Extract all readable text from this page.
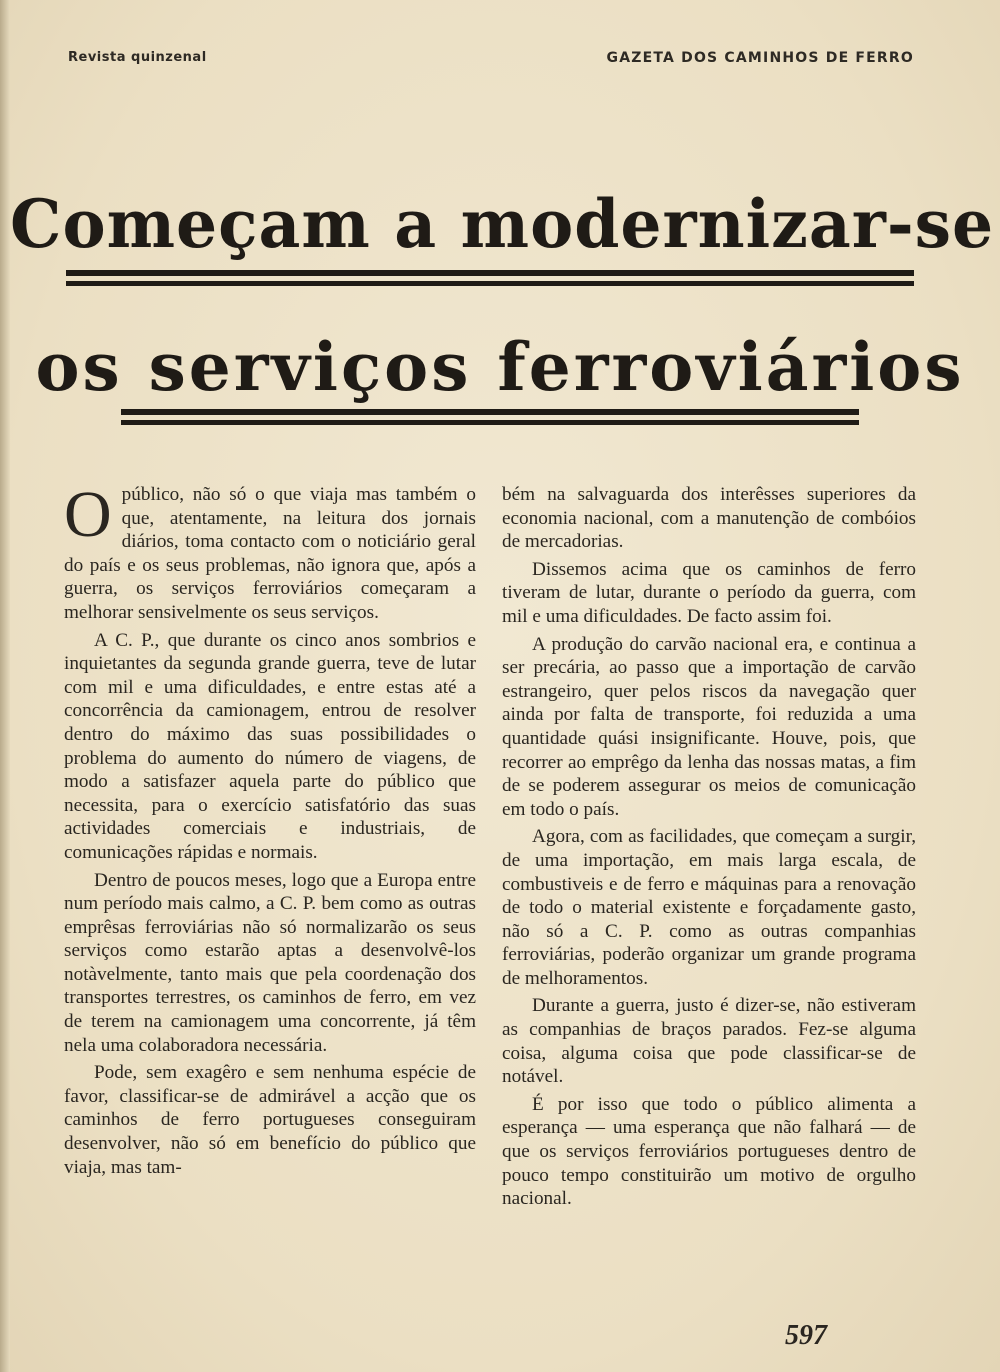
Revista quinzenal	GAZETA DOS CAMINHOS DE FERRO
Começam a modernizar-se
os serviços ferroviários

Opúblico, não só o que viaja mas também o que, atentamente, na leitura dos jornais diários, toma contacto com o noticiário geral do país e os seus problemas, não ignora que, após a guerra, os serviços ferroviários começaram a melhorar sensivelmente os seus serviços.

A C. P., que durante os cinco anos sombrios e inquietantes da segunda grande guerra, teve de lutar com mil e uma dificuldades, e entre estas até a concorrência da camionagem, entrou de resolver dentro do máximo das suas possibilidades o problema do aumento do número de viagens, de modo a satisfazer aquela parte do público que necessita, para o exercício satisfatório das suas actividades comerciais e industriais, de comunicações rápidas e normais.

Dentro de poucos meses, logo que a Europa entre num período mais calmo, a C. P. bem como as outras emprêsas ferroviárias não só normalizarão os seus serviços como estarão aptas a desenvolvê-los notàvelmente, tanto mais que pela coordenação dos transportes terrestres, os caminhos de ferro, em vez de terem na camionagem uma concorrente, já têm nela uma colaboradora necessária.

Pode, sem exagêro e sem nenhuma espécie de favor, classificar-se de admirável a acção que os caminhos de ferro portugueses conseguiram desenvolver, não só em benefício do público que viaja, mas tam-

bém na salvaguarda dos interêsses superiores da economia nacional, com a manutenção de combóios de mercadorias.

Dissemos acima que os caminhos de ferro tiveram de lutar, durante o período da guerra, com mil e uma dificuldades. De facto assim foi.

A produção do carvão nacional era, e continua a ser precária, ao passo que a importação de carvão estrangeiro, quer pelos riscos da navegação quer ainda por falta de transporte, foi reduzida a uma quantidade quási insignificante. Houve, pois, que recorrer ao emprêgo da lenha das nossas matas, a fim de se poderem assegurar os meios de comunicação em todo o país.

Agora, com as facilidades, que começam a surgir, de uma importação, em mais larga escala, de combustiveis e de ferro e máquinas para a renovação de todo o material existente e forçadamente gasto, não só a C. P. como as outras companhias ferroviárias, poderão organizar um grande programa de melhoramentos.

Durante a guerra, justo é dizer-se, não estiveram as companhias de braços parados. Fez-se alguma coisa, alguma coisa que pode classificar-se de notável.

É por isso que todo o público alimenta a esperança — uma esperança que não falhará — de que os serviços ferroviários portugueses dentro de pouco tempo constituirão um motivo de orgulho nacional.

597
